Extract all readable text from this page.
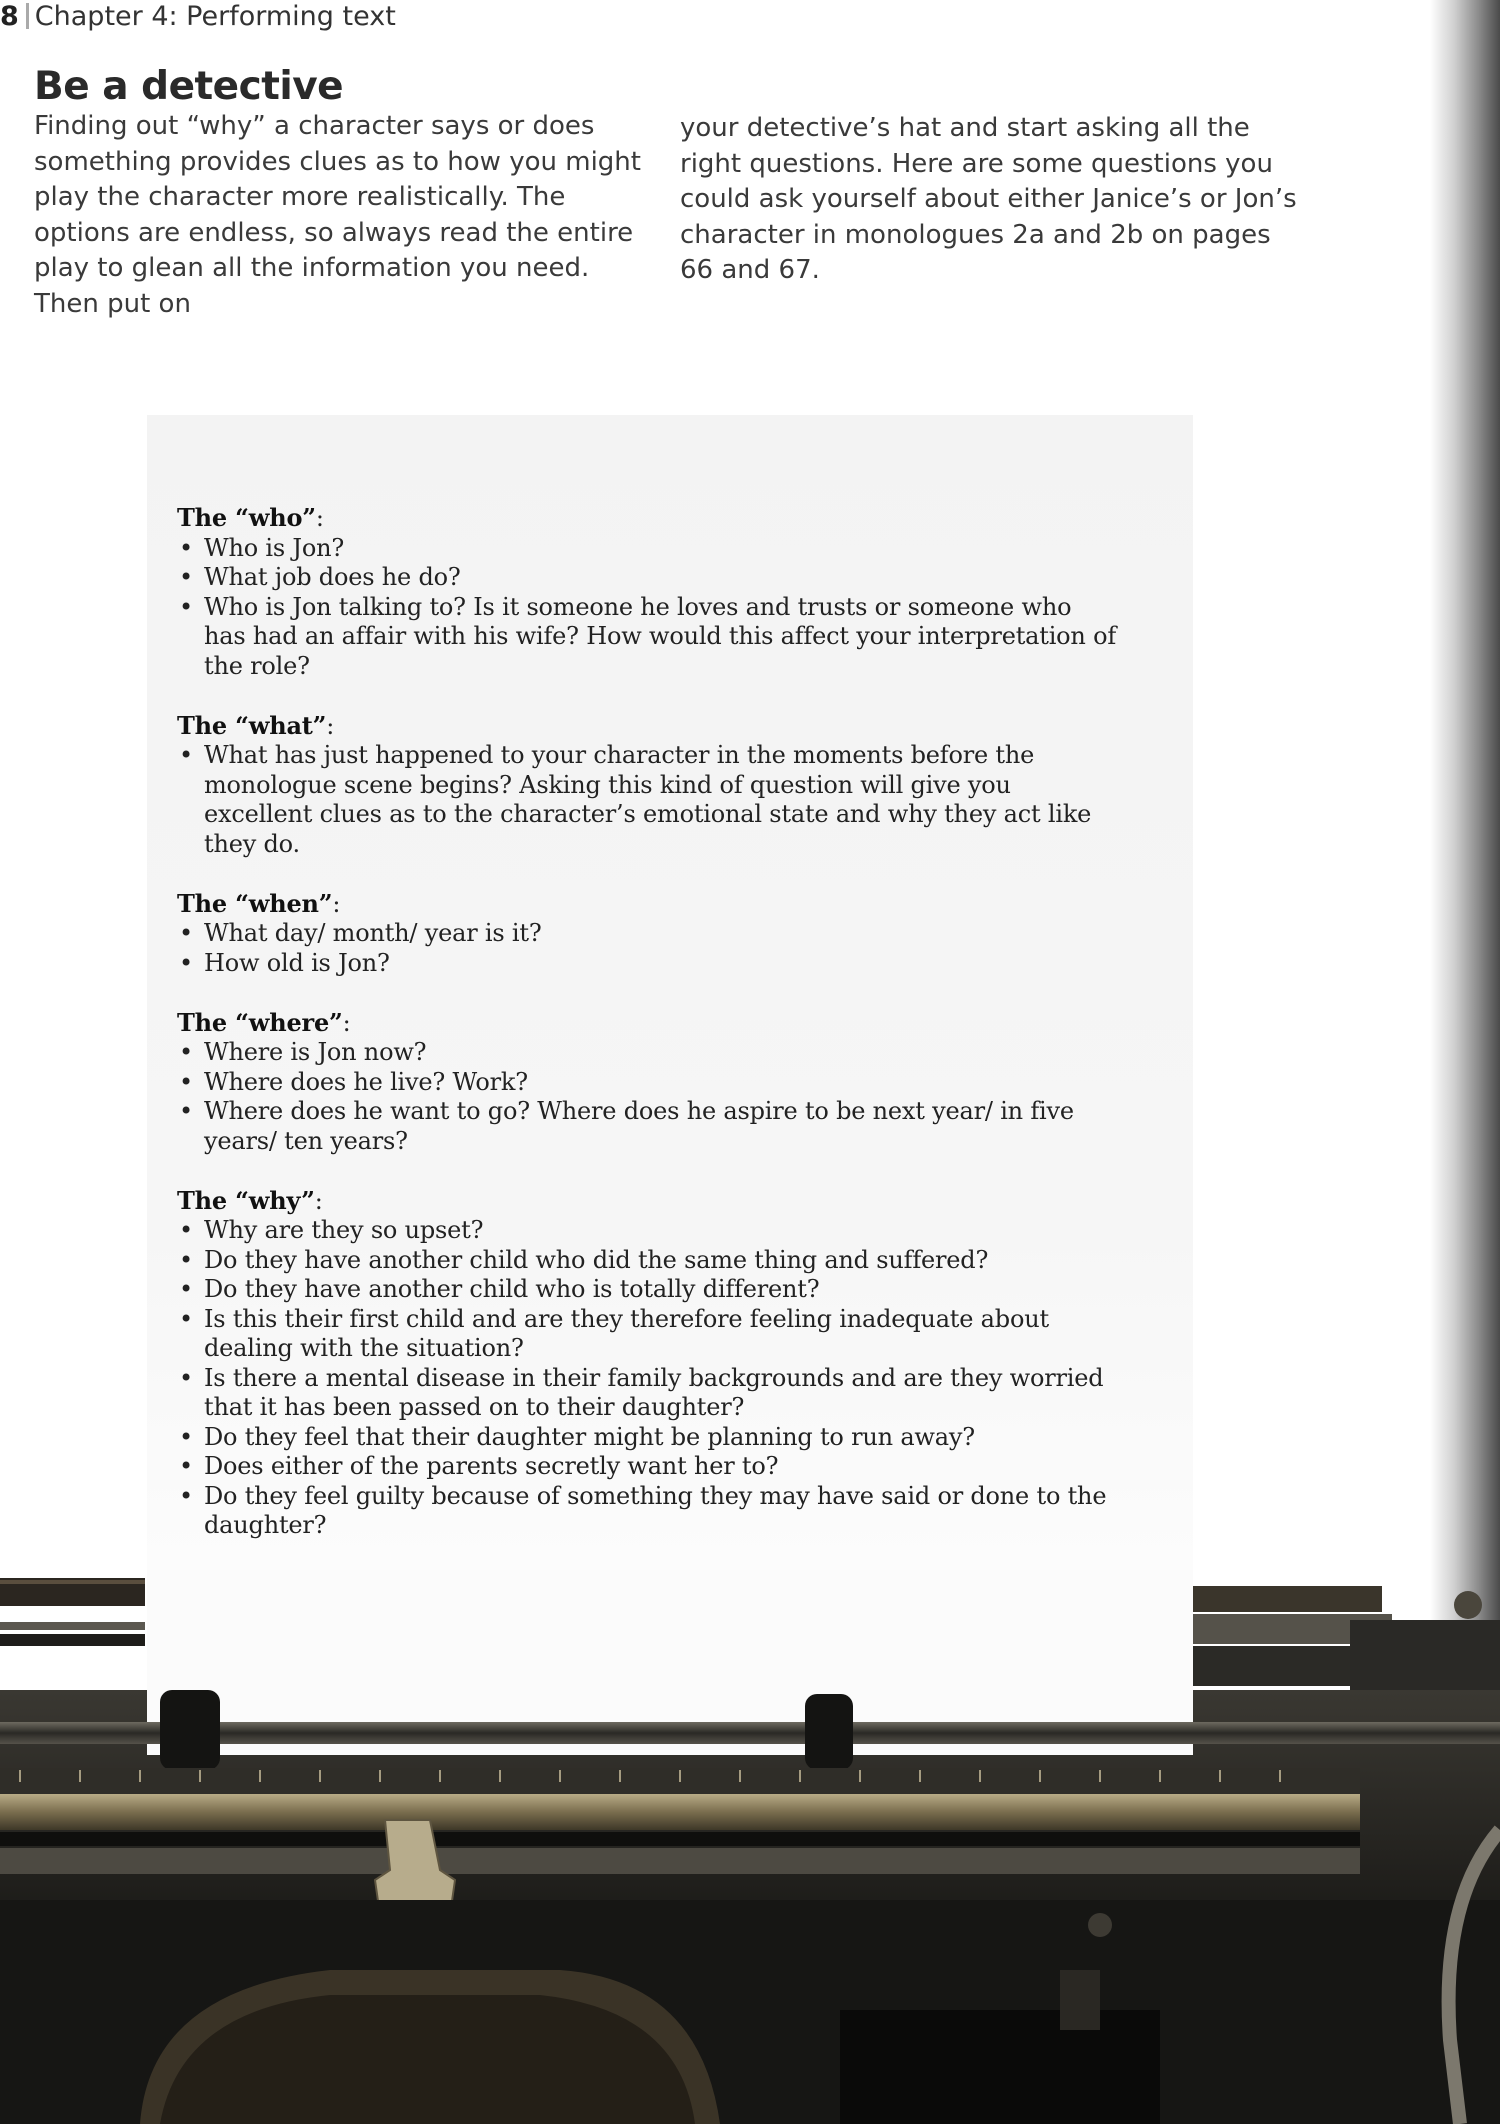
8 Chapter 4: Performing text
Be a detective

Finding out “why” a character says or does something provides clues as to how you might play the character more realistically. The options are endless, so always read the entire play to glean all the information you need. Then put on

your detective’s hat and start asking all the right questions. Here are some questions you could ask yourself about either Janice’s or Jon’s character in monologues 2a and 2b on pages 66 and 67.

The “who”:
• Who is Jon?
• What job does he do?
• Who is Jon talking to? Is it someone he loves and trusts or someone who has had an affair with his wife? How would this affect your interpretation of the role?
The “what”:
• What has just happened to your character in the moments before the monologue scene begins? Asking this kind of question will give you excellent clues as to the character’s emotional state and why they act like they do.
The “when”:
• What day/ month/ year is it?
• How old is Jon?
The “where”:
• Where is Jon now?
• Where does he live? Work?
• Where does he want to go? Where does he aspire to be next year/ in five years/ ten years?
The “why”:
• Why are they so upset?
• Do they have another child who did the same thing and suffered?
• Do they have another child who is totally different?
• Is this their first child and are they therefore feeling inadequate about dealing with the situation?
• Is there a mental disease in their family backgrounds and are they worried that it has been passed on to their daughter?
• Do they feel that their daughter might be planning to run away?
• Does either of the parents secretly want her to?
• Do they feel guilty because of something they may have said or done to the daughter?
